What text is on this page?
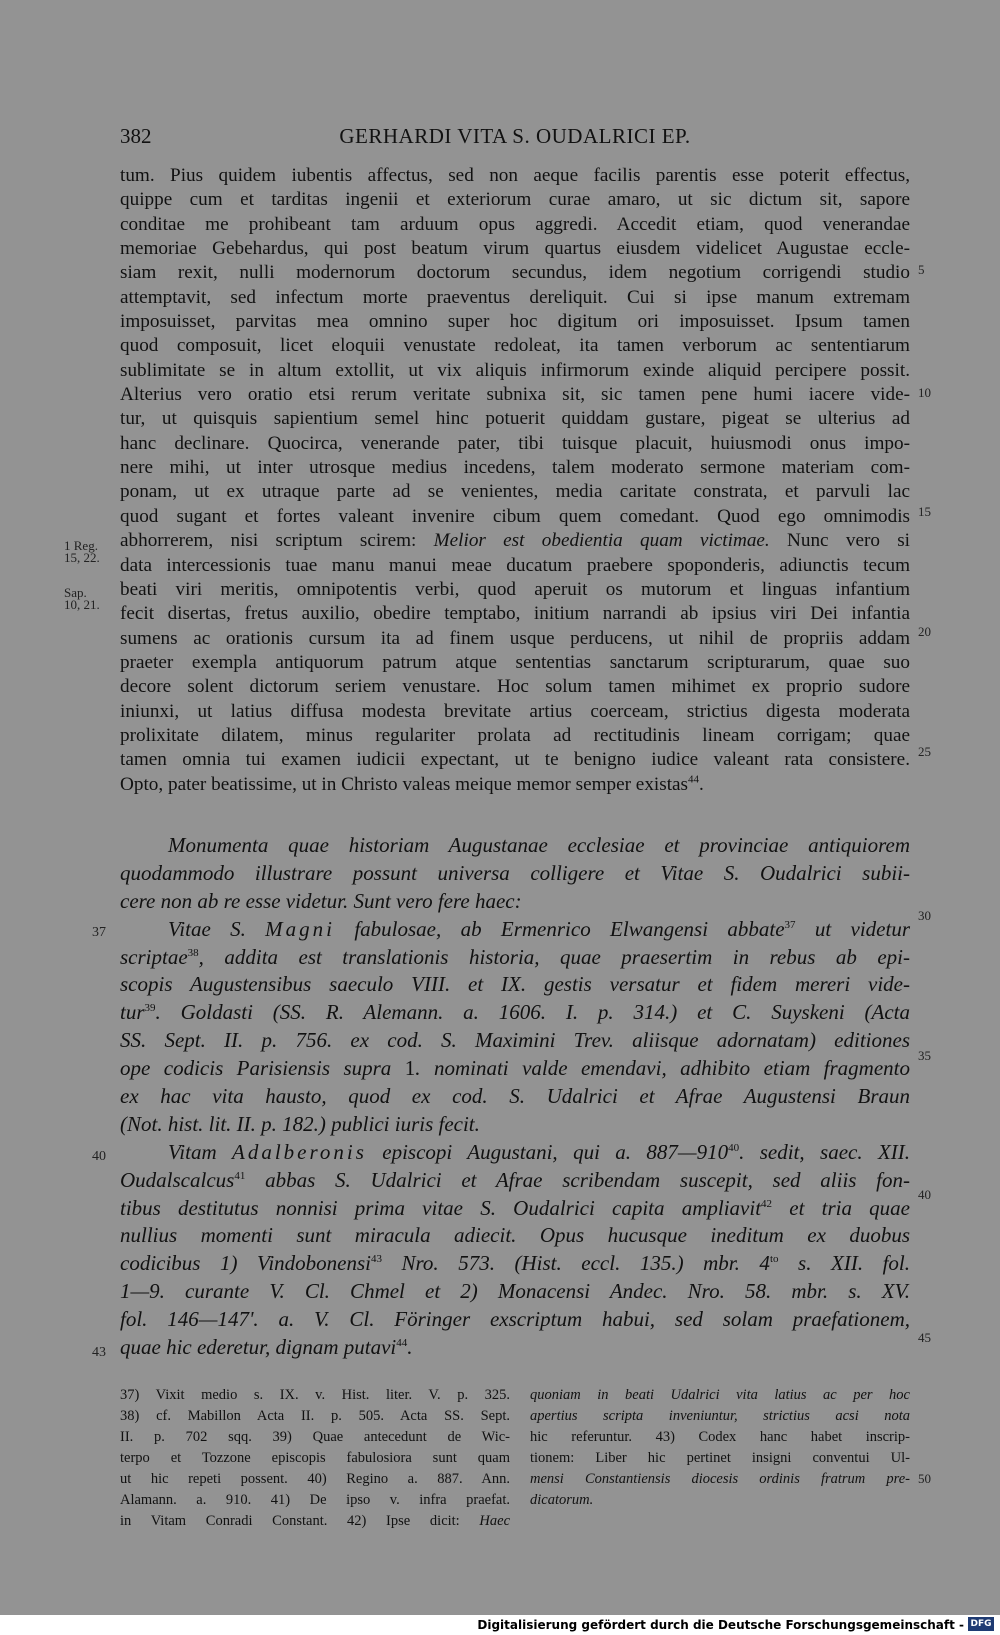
382	GERHARDI VITA S. OUDALRICI EP.
tum. Pius quidem iubentis affectus, sed non aeque facilis parentis esse poterit effectus,
quippe cum et tarditas ingenii et exteriorum curae amaro, ut sic dictum sit, sapore
conditae me prohibeant tam arduum opus aggredi. Accedit etiam, quod venerandae
memoriae Gebehardus, qui post beatum virum quartus eiusdem videlicet Augustae eccle-
siam rexit, nulli modernorum doctorum secundus, idem negotium corrigendi studio
attemptavit, sed infectum morte praeventus dereliquit. Cui si ipse manum extremam
imposuisset, parvitas mea omnino super hoc digitum ori imposuisset. Ipsum tamen
quod composuit, licet eloquii venustate redoleat, ita tamen verborum ac sententiarum
sublimitate se in altum extollit, ut vix aliquis infirmorum exinde aliquid percipere possit.
Alterius vero oratio etsi rerum veritate subnixa sit, sic tamen pene humi iacere vide-
tur, ut quisquis sapientium semel hinc potuerit quiddam gustare, pigeat se ulterius ad
hanc declinare. Quocirca, venerande pater, tibi tuisque placuit, huiusmodi onus impo-
nere mihi, ut inter utrosque medius incedens, talem moderato sermone materiam com-
ponam, ut ex utraque parte ad se venientes, media caritate constrata, et parvuli lac
quod sugant et fortes valeant invenire cibum quem comedant. Quod ego omnimodis
abhorrerem, nisi scriptum scirem: Melior est obedientia quam victimae. Nunc vero si
data intercessionis tuae manu manui meae ducatum praebere spoponderis, adiunctis tecum
beati viri meritis, omnipotentis verbi, quod aperuit os mutorum et linguas infantium
fecit disertas, fretus auxilio, obedire temptabo, initium narrandi ab ipsius viri Dei infantia
sumens ac orationis cursum ita ad finem usque perducens, ut nihil de propriis addam
praeter exempla antiquorum patrum atque sententias sanctarum scripturarum, quae suo
decore solent dictorum seriem venustare. Hoc solum tamen mihimet ex proprio sudore
iniunxi, ut latius diffusa modesta brevitate artius coerceam, strictius digesta moderata
prolixitate dilatem, minus regulariter prolata ad rectitudinis lineam corrigam; quae
tamen omnia tui examen iudicii expectant, ut te benigno iudice valeant rata consistere.
Opto, pater beatissime, ut in Christo valeas meique memor semper existas$^{44}$.
5
10
15
20
25
30
35
40
45
50
1 Reg.
15, 22.
Sap.
10, 21.
Monumenta quae historiam Augustanae ecclesiae et provinciae antiquiorem
quodammodo illustrare possunt universa colligere et Vitae S. Oudalrici subii-
cere non ab re esse videtur. Sunt vero fere haec:
Vitae S. Magni fabulosae, ab Ermenrico Elwangensi abbate$^{37}$ ut videtur
scriptae$^{38}$, addita est translationis historia, quae praesertim in rebus ab epi-
scopis Augustensibus saeculo VIII. et IX. gestis versatur et fidem mereri vide-
tur$^{39}$. Goldasti (SS. R. Alemann. a. 1606. I. p. 314.) et C. Suyskeni (Acta
SS. Sept. II. p. 756. ex cod. S. Maximini Trev. aliisque adornatam) editiones
ope codicis Parisiensis supra 1. nominati valde emendavi, adhibito etiam fragmento
ex hac vita hausto, quod ex cod. S. Udalrici et Afrae Augustensi Braun
(Not. hist. lit. II. p. 182.) publici iuris fecit.
Vitam Adalberonis episcopi Augustani, qui a. $887—910^{40}$. sedit, saec. XII.
Oudalscalcus$^{41}$ abbas S. Udalrici et Afrae scribendam suscepit, sed aliis fon-
tibus destitutus nonnisi prima vitae S. Oudalrici capita ampliavit$^{42}$ et tria quae
nullius momenti sunt miracula adiecit. Opus hucusque ineditum ex duobus
codicibus 1) Vindobonensi$^{43}$ Nro. 573. (Hist. eccl. 135.) mbr. $4^{to}$ s. XII. fol.
1—9. curante V. Cl. Chmel et 2) Monacensi Andec. Nro. 58. mbr. s. XV.
fol. 146—147'. a. V. Cl. Föringer exscriptum habui, sed solam praefationem,
quae hic ederetur, dignam putavi$^{44}$.
37
40
43
37) Vixit medio s. IX. v. Hist. liter. V. p. 325.
38) cf. Mabillon Acta II. p. 505. Acta SS. Sept.
II. p. 702 sqq. 39) Quae antecedunt de Wic-
terpo et Tozzone episcopis fabulosiora sunt quam
ut hic repeti possent. 40) Regino a. 887. Ann.
Alamann. a. 910. 41) De ipso v. infra praefat.
in Vitam Conradi Constant. 42) Ipse dicit: Haec
quoniam in beati Udalrici vita latius ac per hoc
apertius scripta inveniuntur, strictius acsi nota
hic referuntur. 43) Codex hanc habet inscrip-
tionem: Liber hic pertinet insigni conventui Ul-
mensi Constantiensis diocesis ordinis fratrum pre-
dicatorum.
Digitalisierung gefördert durch die Deutsche Forschungsgemeinschaft - DFG
